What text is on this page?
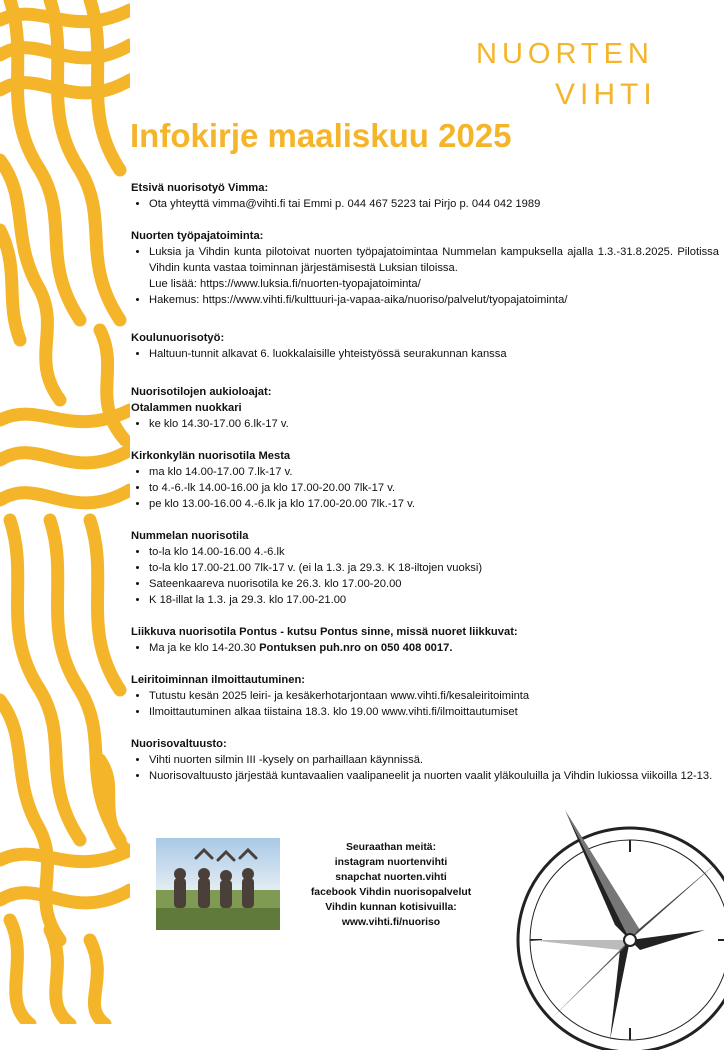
NUORTEN
VIHTI
Infokirje maaliskuu 2025
Etsivä nuorisotyö Vimma:
• Ota yhteyttä vimma@vihti.fi tai Emmi p. 044 467 5223 tai Pirjo p. 044 042 1989
Nuorten työpajatoiminta:
• Luksia ja Vihdin kunta pilotoivat nuorten työpajatoimintaa Nummelan kampuksella ajalla 1.3.-31.8.2025. Pilotissa Vihdin kunta vastaa toiminnan järjestämisestä Luksian tiloissa.
Lue lisää: https://www.luksia.fi/nuorten-tyopajatoiminta/
• Hakemus: https://www.vihti.fi/kulttuuri-ja-vapaa-aika/nuoriso/palvelut/tyopajatoiminta/
Koulunuorisotyö:
• Haltuun-tunnit alkavat 6. luokkalaisille yhteistyössä seurakunnan kanssa
Nuorisotilojen aukioloajat:
Otalammen nuokkari
• ke klo 14.30-17.00 6.lk-17 v.
Kirkonkylän nuorisotila Mesta
• ma klo 14.00-17.00 7.lk-17 v.
• to 4.-6.-lk 14.00-16.00 ja klo 17.00-20.00 7lk-17 v.
• pe klo 13.00-16.00 4.-6.lk ja klo 17.00-20.00 7lk.-17 v.
Nummelan nuorisotila
• to-la klo 14.00-16.00 4.-6.lk
• to-la klo 17.00-21.00 7lk-17 v. (ei la 1.3. ja 29.3. K 18-iltojen vuoksi)
• Sateenkaareva nuorisotila ke 26.3. klo 17.00-20.00
• K 18-illat la 1.3. ja 29.3. klo 17.00-21.00
Liikkuva nuorisotila Pontus - kutsu Pontus sinne, missä nuoret liikkuvat:
• Ma ja ke klo 14-20.30 Pontuksen puh.nro on 050 408 0017.
Leiritoiminnan ilmoittautuminen:
• Tutustu kesän 2025 leiri- ja kesäkerhotarjontaan www.vihti.fi/kesaleiritoiminta
• Ilmoittautuminen alkaa tiistaina 18.3. klo 19.00 www.vihti.fi/ilmoittautumiset
Nuorisovaltuusto:
• Vihti nuorten silmin III -kysely on parhaillaan käynnissä.
• Nuorisovaltuusto järjestää kuntavaalien vaalipaneelit ja nuorten vaalit yläkouluilla ja Vihdin lukiossa viikoilla 12-13.
Seuraathan meitä:
instagram nuortenvihti
snapchat nuorten.vihti
facebook Vihdin nuorisopalvelut
Vihdin kunnan kotisivuilla:
www.vihti.fi/nuoriso
